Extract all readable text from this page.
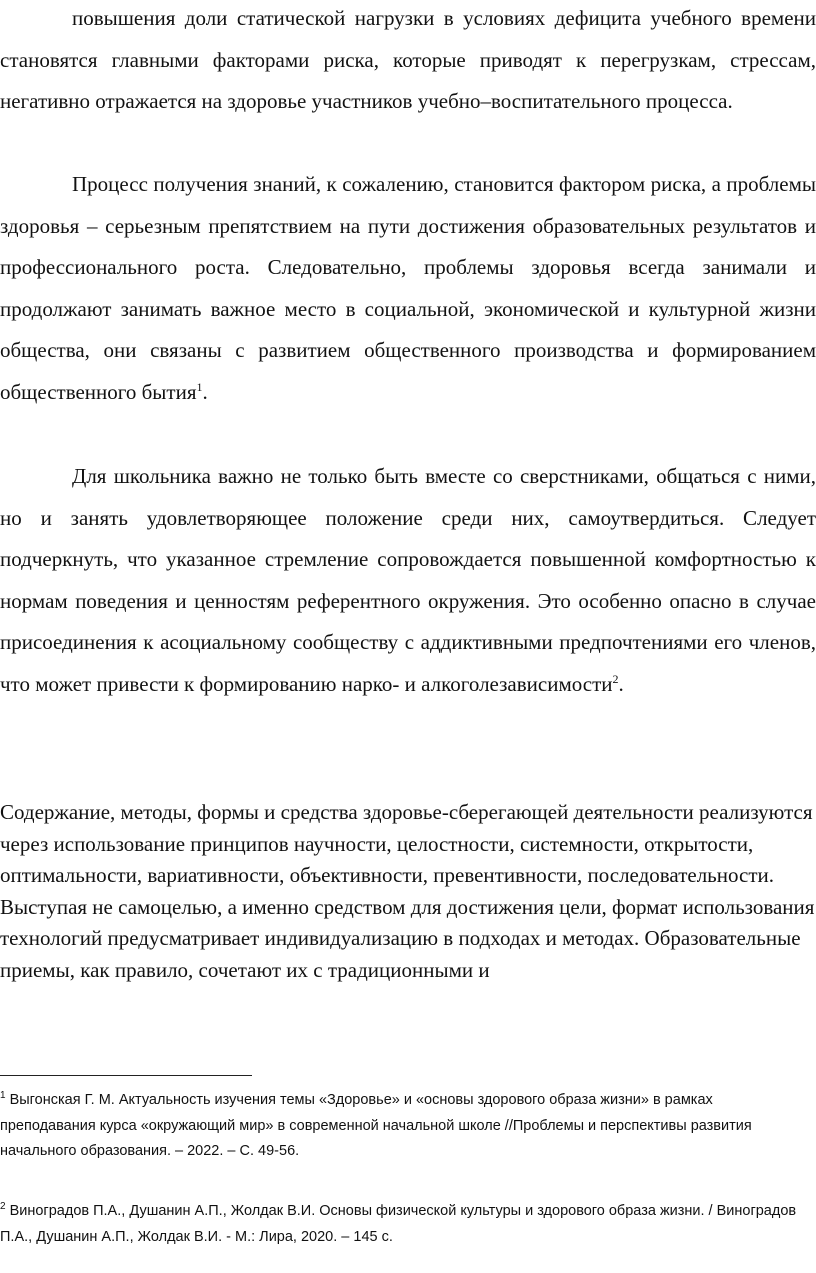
повышения доли статической нагрузки в условиях дефицита учебного времени становятся главными факторами риска, которые приводят к перегрузкам, стрессам, негативно отражается на здоровье участников учебно–воспитательного процесса.

Процесс получения знаний, к сожалению, становится фактором риска, а проблемы здоровья – серьезным препятствием на пути достижения образовательных результатов и профессионального роста. Следовательно, проблемы здоровья всегда занимали и продолжают занимать важное место в социальной, экономической и культурной жизни общества, они связаны с развитием общественного производства и формированием общественного бытия$^1$.

Для школьника важно не только быть вместе со сверстниками, общаться с ними, но и занять удовлетворяющее положение среди них, самоутвердиться. Следует подчеркнуть, что указанное стремление сопровождается повышенной комфортностью к нормам поведения и ценностям референтного окружения. Это особенно опасно в случае присоединения к асоциальному сообществу с аддиктивными предпочтениями его членов, что может привести к формированию нарко- и алкоголезависимости$^2$.

Содержание, методы, формы и средства здоровье-сберегающей деятельности реализуются через использование принципов научности, целостности, системности, открытости, оптимальности, вариативности, объективности, превентивности, последовательности. Выступая не самоцелью, а именно средством для достижения цели, формат использования технологий предусматривает индивидуализацию в подходах и методах. Образовательные приемы, как правило, сочетают их с традиционными и

$^1$ Выгонская Г. М. Актуальность изучения темы «Здоровье» и «основы здорового образа жизни» в рамках преподавания курса «окружающий мир» в современной начальной школе //Проблемы и перспективы развития начального образования. – 2022. – С. 49-56.

$^2$ Виноградов П.А., Душанин А.П., Жолдак В.И. Основы физической культуры и здорового образа жизни. / Виноградов П.А., Душанин А.П., Жолдак В.И. - М.: Лира, 2020. – 145 с.
